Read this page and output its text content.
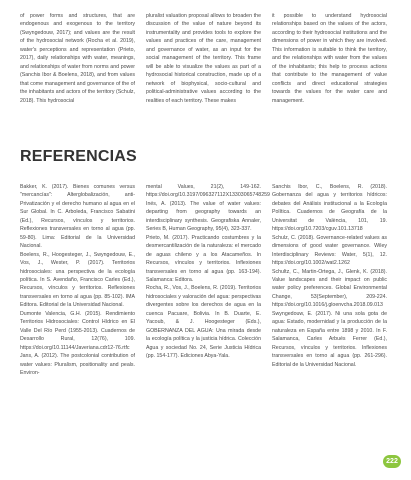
of power forms and structures, that are endogenous and exogenous to the territory (Swyngedouw, 2017); and values are the result of the hydrosocial network (Rocha et al. 2019), water's perceptions and representation (Prieto, 2017), daily relationships with water, meanings, and relationships of water from norms and power (Sanchis Ibor & Boelens, 2018), and from values that come management and governance of the of the inhabitants and actors of the territory (Schulz, 2018). This hydrosocial
pluralist valuation proposal allows to broaden the discussion of the value of nature beyond its instrumentality and provides tools to explore the values and practices of the care, management and governance of water, as an input for the social management of the territory. This frame will be able to visualize the values as part of a hydrosocial historical construction, made up of a network of biophysical, socio-cultural and political-administrative values according to the realities of each territory. These makes
it possible to understand hydrosocial relationships based on the values of the actors, according to their hydrosocial institutions and the dimensions of power in which they are involved. This information is suitable to think the territory, and the relationships with water from the values of the inhabitants; this help to process actions that contribute to the management of value conflicts and direct educational strategies towards the values for the water care and management.
REFERENCIAS
Bakker, K. (2017). Bienes comunes versus "mercancías": Alterglobalización, anti-Privatización y el derecho humano al agua en el Sur Global. In C. Arboleda, Francisco Sabatini (Ed.), Recursos, vínculos y territorios. Reflexiones transversales en torno al agua (pp. 59-80). Lima: Editorial de la Universidad Nacional.
Boelens, R., Hoogesteger, J., Swyngedouw, E., Vos, J., Wester, P. (2017). Territorios hidrosociales: una perspectiva de la ecología política. In S. Avendaño, Francisco Carles (Ed.), Recursos, vínculos y territorios. Reflexiones transversales en torno al agua (pp. 85-102). IMA Editora. Editorial de la Universidad Nacional.
Dumonte Valencia, G.H. (2015). Rendimiento Territorios Hidrosociales: Control Hídrico en El Valle Del Río Perd (1955-2013). Cuadernos de Desarrollo Rural, 12(76), 109. https://doi.org/10.11144/Javeriana.cdr12-76.rtfc
Jans, A. (2012). The postcolonial contribution of water values: Pluralism, positionality and peals. Environ-
mental Values, 21(2), 149-162. https://doi.org/10.3197/096327112X13303065748259
Inés, A. (2013). The value of water values: departing from geography towards an interdisciplinary synthesis. Geografiska Annaler, Series B, Human Geography, 95(4), 323-337.
Prieto, M. (2017). Practicando costumbres y la desmercantilización de la naturaleza: el mercado de aguas chileno y a los Atacameños. In Recursos, vínculos y territorios. Inflexiones transversales en torno al agua (pp. 163-194). Salamanca: Editora.
Rocha, R., Vos, J., Boelens, R. (2019). Territorios hidrosociales y valoración del agua: perspectivas divergentes sobre los derechos de agua en la cuenca Pacuare, Bolivia. In B. Duarte, E. Yacoub, & J. Hoogesteger (Eds.), GOBERNANZA DEL AGUA: Una mirada desde la ecología política y la justicia hídrica. Colección Agua y sociedad No. 24, Serie Justicia Hídrica (pp. 154-177). Ediciones Abya-Yala.
Sanchis Ibor, C., Boelens, R. (2018). Gobernanza del agua y territorios hídricos: debates del Análisis institucional a la Ecología Política. Cuadernos de Geografía de la Universitat de València, 101, 19. https://doi.org/10.7203/cguv.101.13718
Schulz, C. (2018). Governance-related values as dimensions of good water governance. Wiley Interdisciplinary Reviews: Water, 5(1), 12. https://doi.org/10.1002/wat2.1262
Schultz, C., Martin-Ortega, J., Glenk, K. (2018). Value landscapes and their impact on public water policy preferences. Global Environmental Change, 53(September), 209-224. https://doi.org/10.1016/j.gloenvcha.2018.09.013
Swyngedouw, E. (2017). Ni una sola gota de agua: Estado, modernidad y la producción de la naturaleza en España entre 1898 y 2010. In F. Salamanca, Carles Arbués Ferrer (Ed.), Recursos, vínculos y territorios. Inflexiones transversales en torno al agua (pp. 261-296). Editorial de la Universidad Nacional.
222
